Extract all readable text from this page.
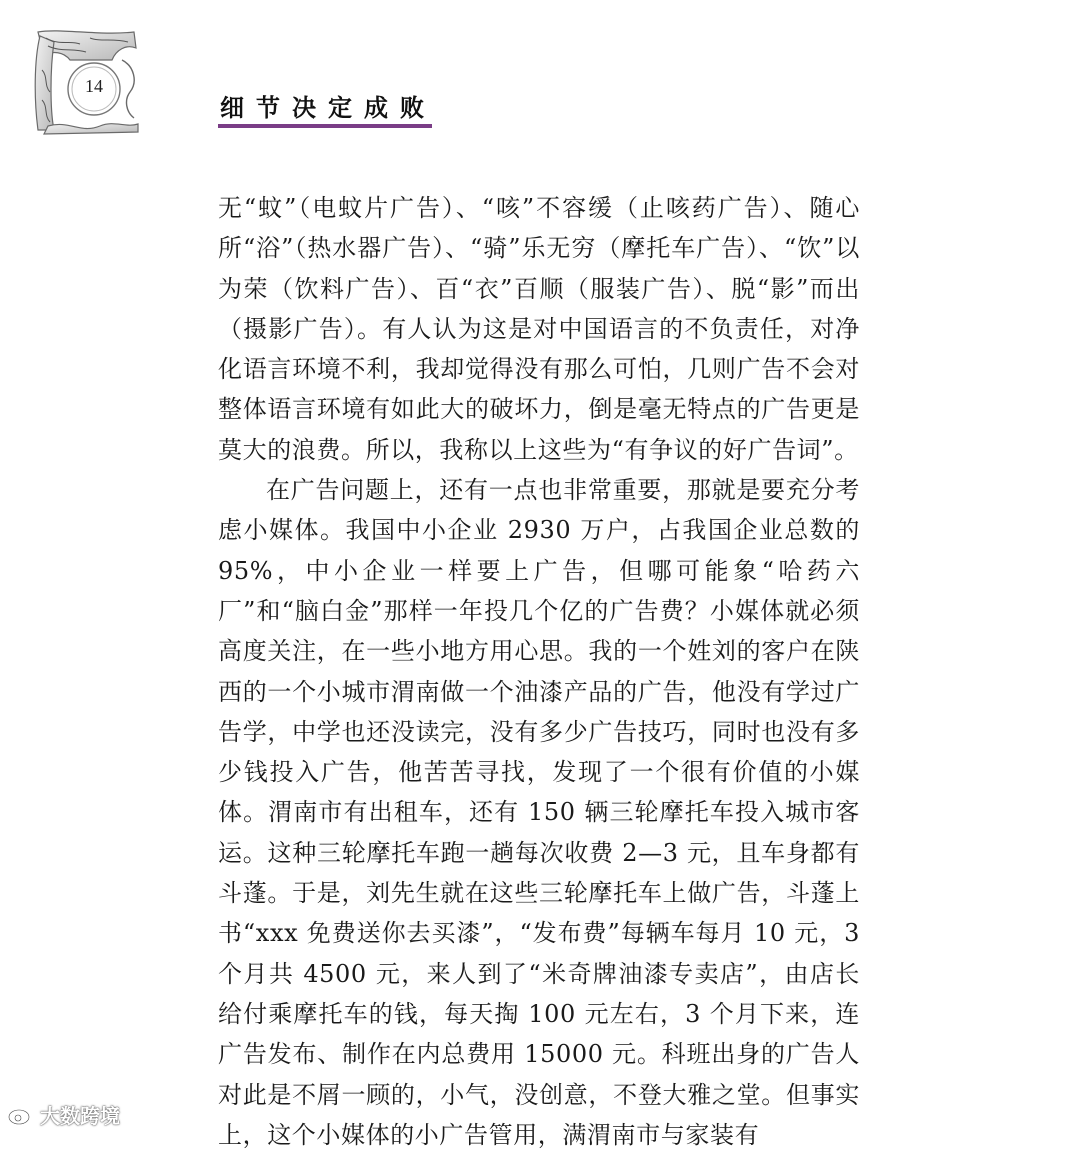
14
细节决定成败

无“蚊”（电蚊片广告）、“咳”不容缓（止咳药广告）、随心所“浴”（热水器广告）、“骑”乐无穷（摩托车广告）、“饮”以为荣（饮料广告）、百“衣”百顺（服装广告）、脱“影”而出（摄影广告）。有人认为这是对中国语言的不负责任，对净化语言环境不利，我却觉得没有那么可怕，几则广告不会对整体语言环境有如此大的破坏力，倒是毫无特点的广告更是莫大的浪费。所以，我称以上这些为“有争议的好广告词”。

在广告问题上，还有一点也非常重要，那就是要充分考虑小媒体。我国中小企业 2930 万户，占我国企业总数的 95%，中小企业一样要上广告，但哪可能象“哈药六厂”和“脑白金”那样一年投几个亿的广告费？小媒体就必须高度关注，在一些小地方用心思。我的一个姓刘的客户在陕西的一个小城市渭南做一个油漆产品的广告，他没有学过广告学，中学也还没读完，没有多少广告技巧，同时也没有多少钱投入广告，他苦苦寻找，发现了一个很有价值的小媒体。渭南市有出租车，还有 150 辆三轮摩托车投入城市客运。这种三轮摩托车跑一趟每次收费 2—3 元，且车身都有斗蓬。于是，刘先生就在这些三轮摩托车上做广告，斗蓬上书“xxx 免费送你去买漆”，“发布费”每辆车每月 10 元，3 个月共 4500 元，来人到了“米奇牌油漆专卖店”，由店长给付乘摩托车的钱，每天掏 100 元左右，3 个月下来，连广告发布、制作在内总费用 15000 元。科班出身的广告人对此是不屑一顾的，小气，没创意，不登大雅之堂。但事实上，这个小媒体的小广告管用，满渭南市与家装有

大数跨境
